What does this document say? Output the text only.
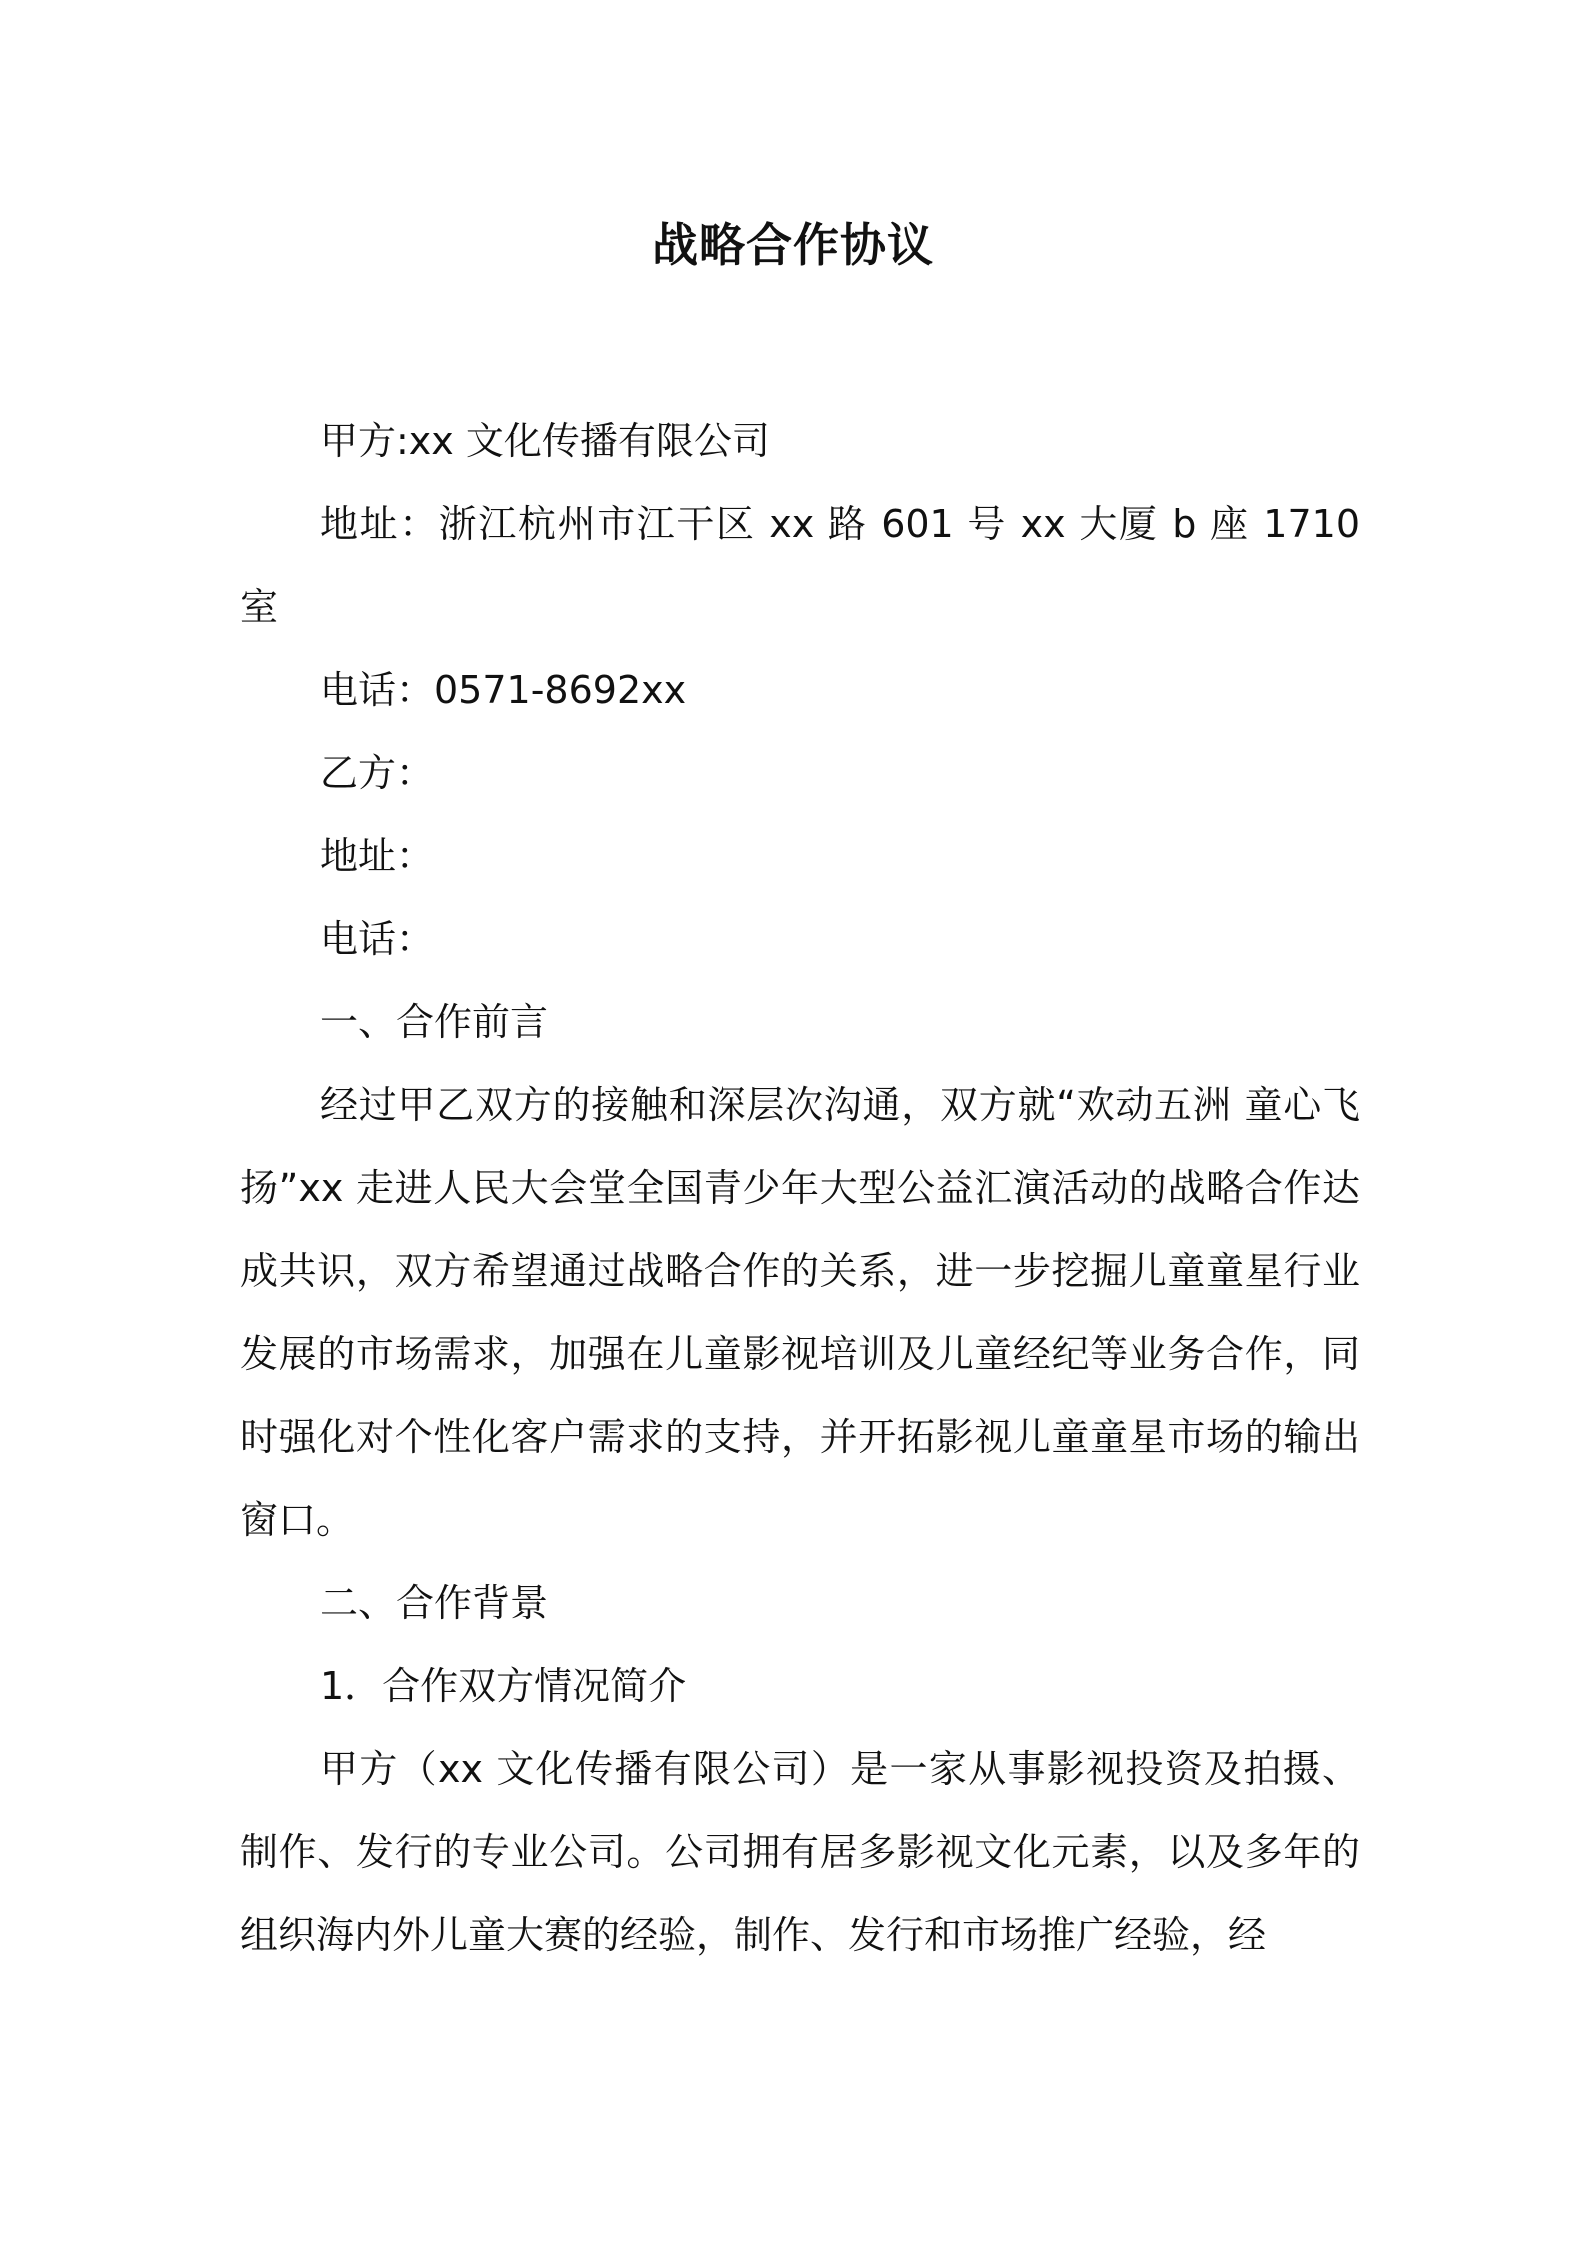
战略合作协议

甲方:xx 文化传播有限公司

地址：浙江杭州市江干区 xx 路 601 号 xx 大厦 b 座 1710 室

电话：0571-8692xx

乙方：

地址：

电话：

一、合作前言

经过甲乙双方的接触和深层次沟通，双方就“欢动五洲 童心飞扬”xx 走进人民大会堂全国青少年大型公益汇演活动的战略合作达成共识，双方希望通过战略合作的关系，进一步挖掘儿童童星行业发展的市场需求，加强在儿童影视培训及儿童经纪等业务合作，同时强化对个性化客户需求的支持，并开拓影视儿童童星市场的输出窗口。

二、合作背景

1．合作双方情况简介

甲方（xx 文化传播有限公司）是一家从事影视投资及拍摄、制作、发行的专业公司。公司拥有居多影视文化元素，以及多年的组织海内外儿童大赛的经验，制作、发行和市场推广经验，经
